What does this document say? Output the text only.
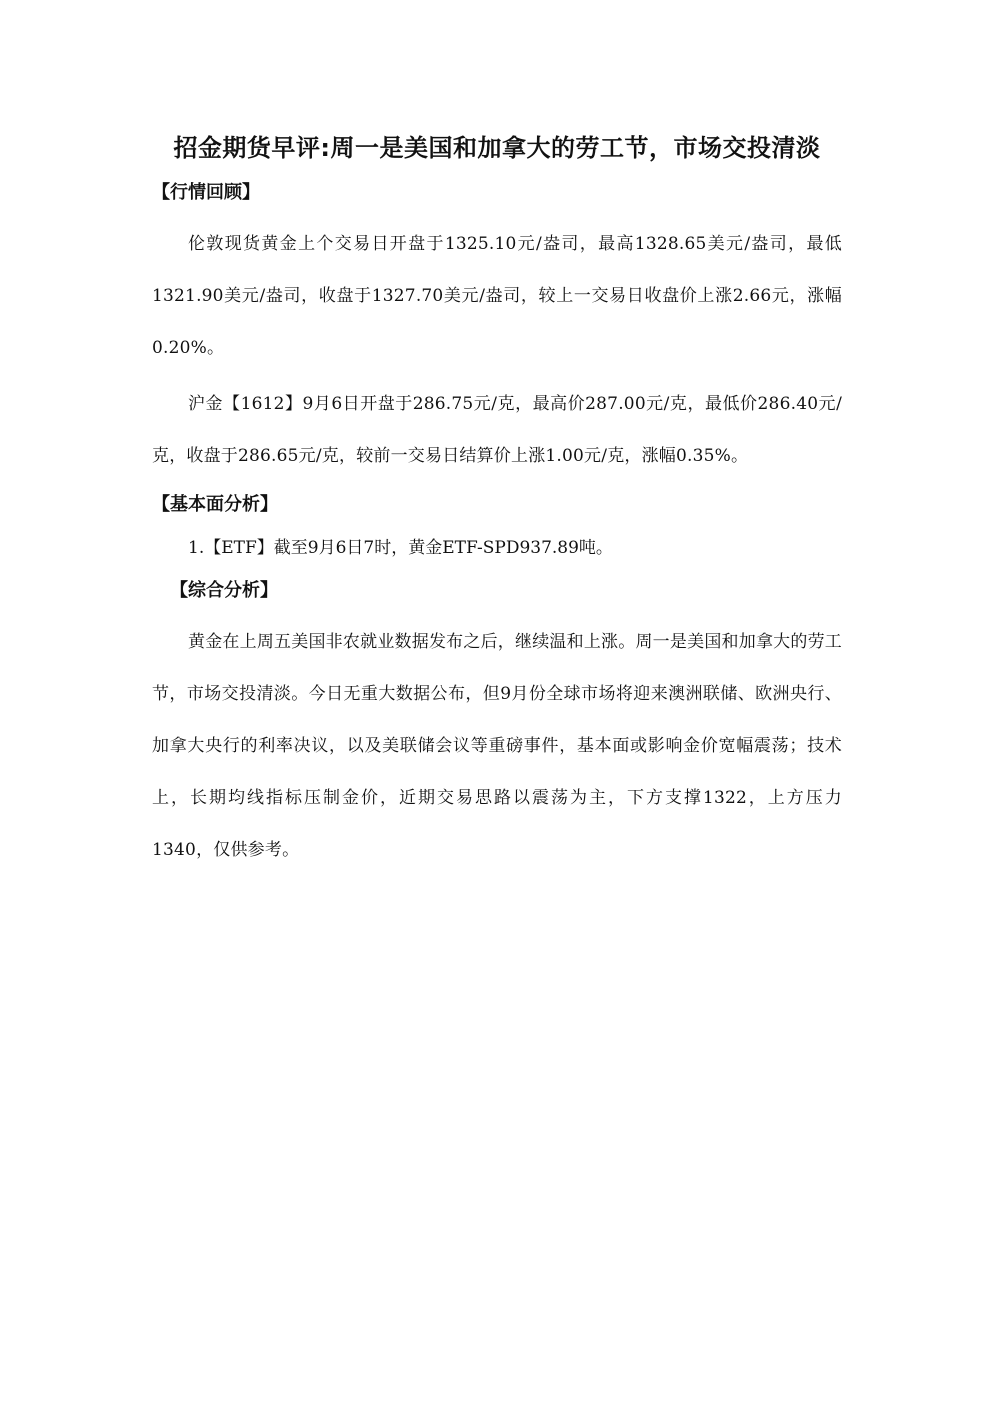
招金期货早评:周一是美国和加拿大的劳工节，市场交投清淡
【行情回顾】

伦敦现货黄金上个交易日开盘于1325.10元/盎司，最高1328.65美元/盎司，最低1321.90美元/盎司，收盘于1327.70美元/盎司，较上一交易日收盘价上涨2.66元，涨幅0.20%。

沪金【1612】9月6日开盘于286.75元/克，最高价287.00元/克，最低价286.40元/克，收盘于286.65元/克，较前一交易日结算价上涨1.00元/克，涨幅0.35%。

【基本面分析】
1.【ETF】截至9月6日7时，黄金ETF-SPD937.89吨。
【综合分析】

黄金在上周五美国非农就业数据发布之后，继续温和上涨。周一是美国和加拿大的劳工节，市场交投清淡。今日无重大数据公布，但9月份全球市场将迎来澳洲联储、欧洲央行、加拿大央行的利率决议，以及美联储会议等重磅事件，基本面或影响金价宽幅震荡；技术上，长期均线指标压制金价，近期交易思路以震荡为主，下方支撑1322，上方压力1340，仅供参考。
